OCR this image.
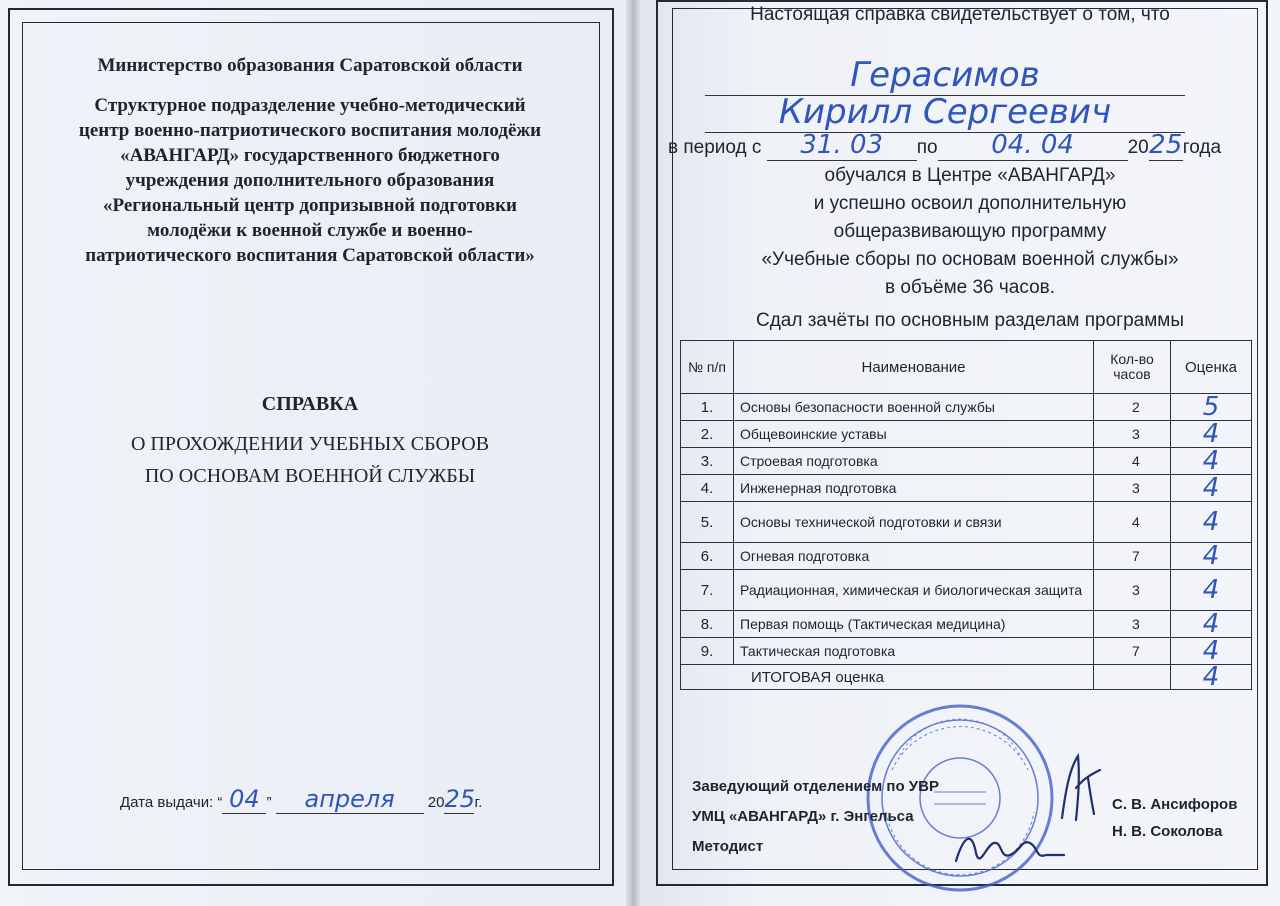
Министерство образования Саратовской области
Структурное подразделение учебно-методический
центр военно-патриотического воспитания молодёжи
«АВАНГАРД» государственного бюджетного
учреждения дополнительного образования
«Региональный центр допризывной подготовки
молодёжи к военной службе и военно-
патриотического воспитания Саратовской области»
СПРАВКА
О ПРОХОЖДЕНИИ УЧЕБНЫХ СБОРОВ
ПО ОСНОВАМ ВОЕННОЙ СЛУЖБЫ
Дата выдачи: “ 04 ” апреля 2025г.
Настоящая справка свидетельствует о том, что
Герасимов
Кирилл Сергеевич
в период с 31. 03 по 04. 04	2025года
обучался в Центре «АВАНГАРД»
и успешно освоил дополнительную
общеразвивающую программу
«Учебные сборы по основам военной службы»
в объёме 36 часов.
Сдал зачёты по основным разделам программы
№ п/п	Наименование	Кол-во часов	Оценка
1.	Основы безопасности военной службы	2	5
2.	Общевоинские уставы	3	4
3.	Строевая подготовка	4	4
4.	Инженерная подготовка	3	4
5.	Основы технической подготовки и связи	4	4
6.	Огневая подготовка	7	4
7.	Радиационная, химическая и биологическая защита	3	4
8.	Первая помощь (Тактическая медицина)	3	4
9.	Тактическая подготовка	7	4
ИТОГОВАЯ оценка			4
Заведующий отделением по УВР
УМЦ «АВАНГАРД» г. Энгельса
Методист
С. В. Ансифоров
Н. В. Соколова
